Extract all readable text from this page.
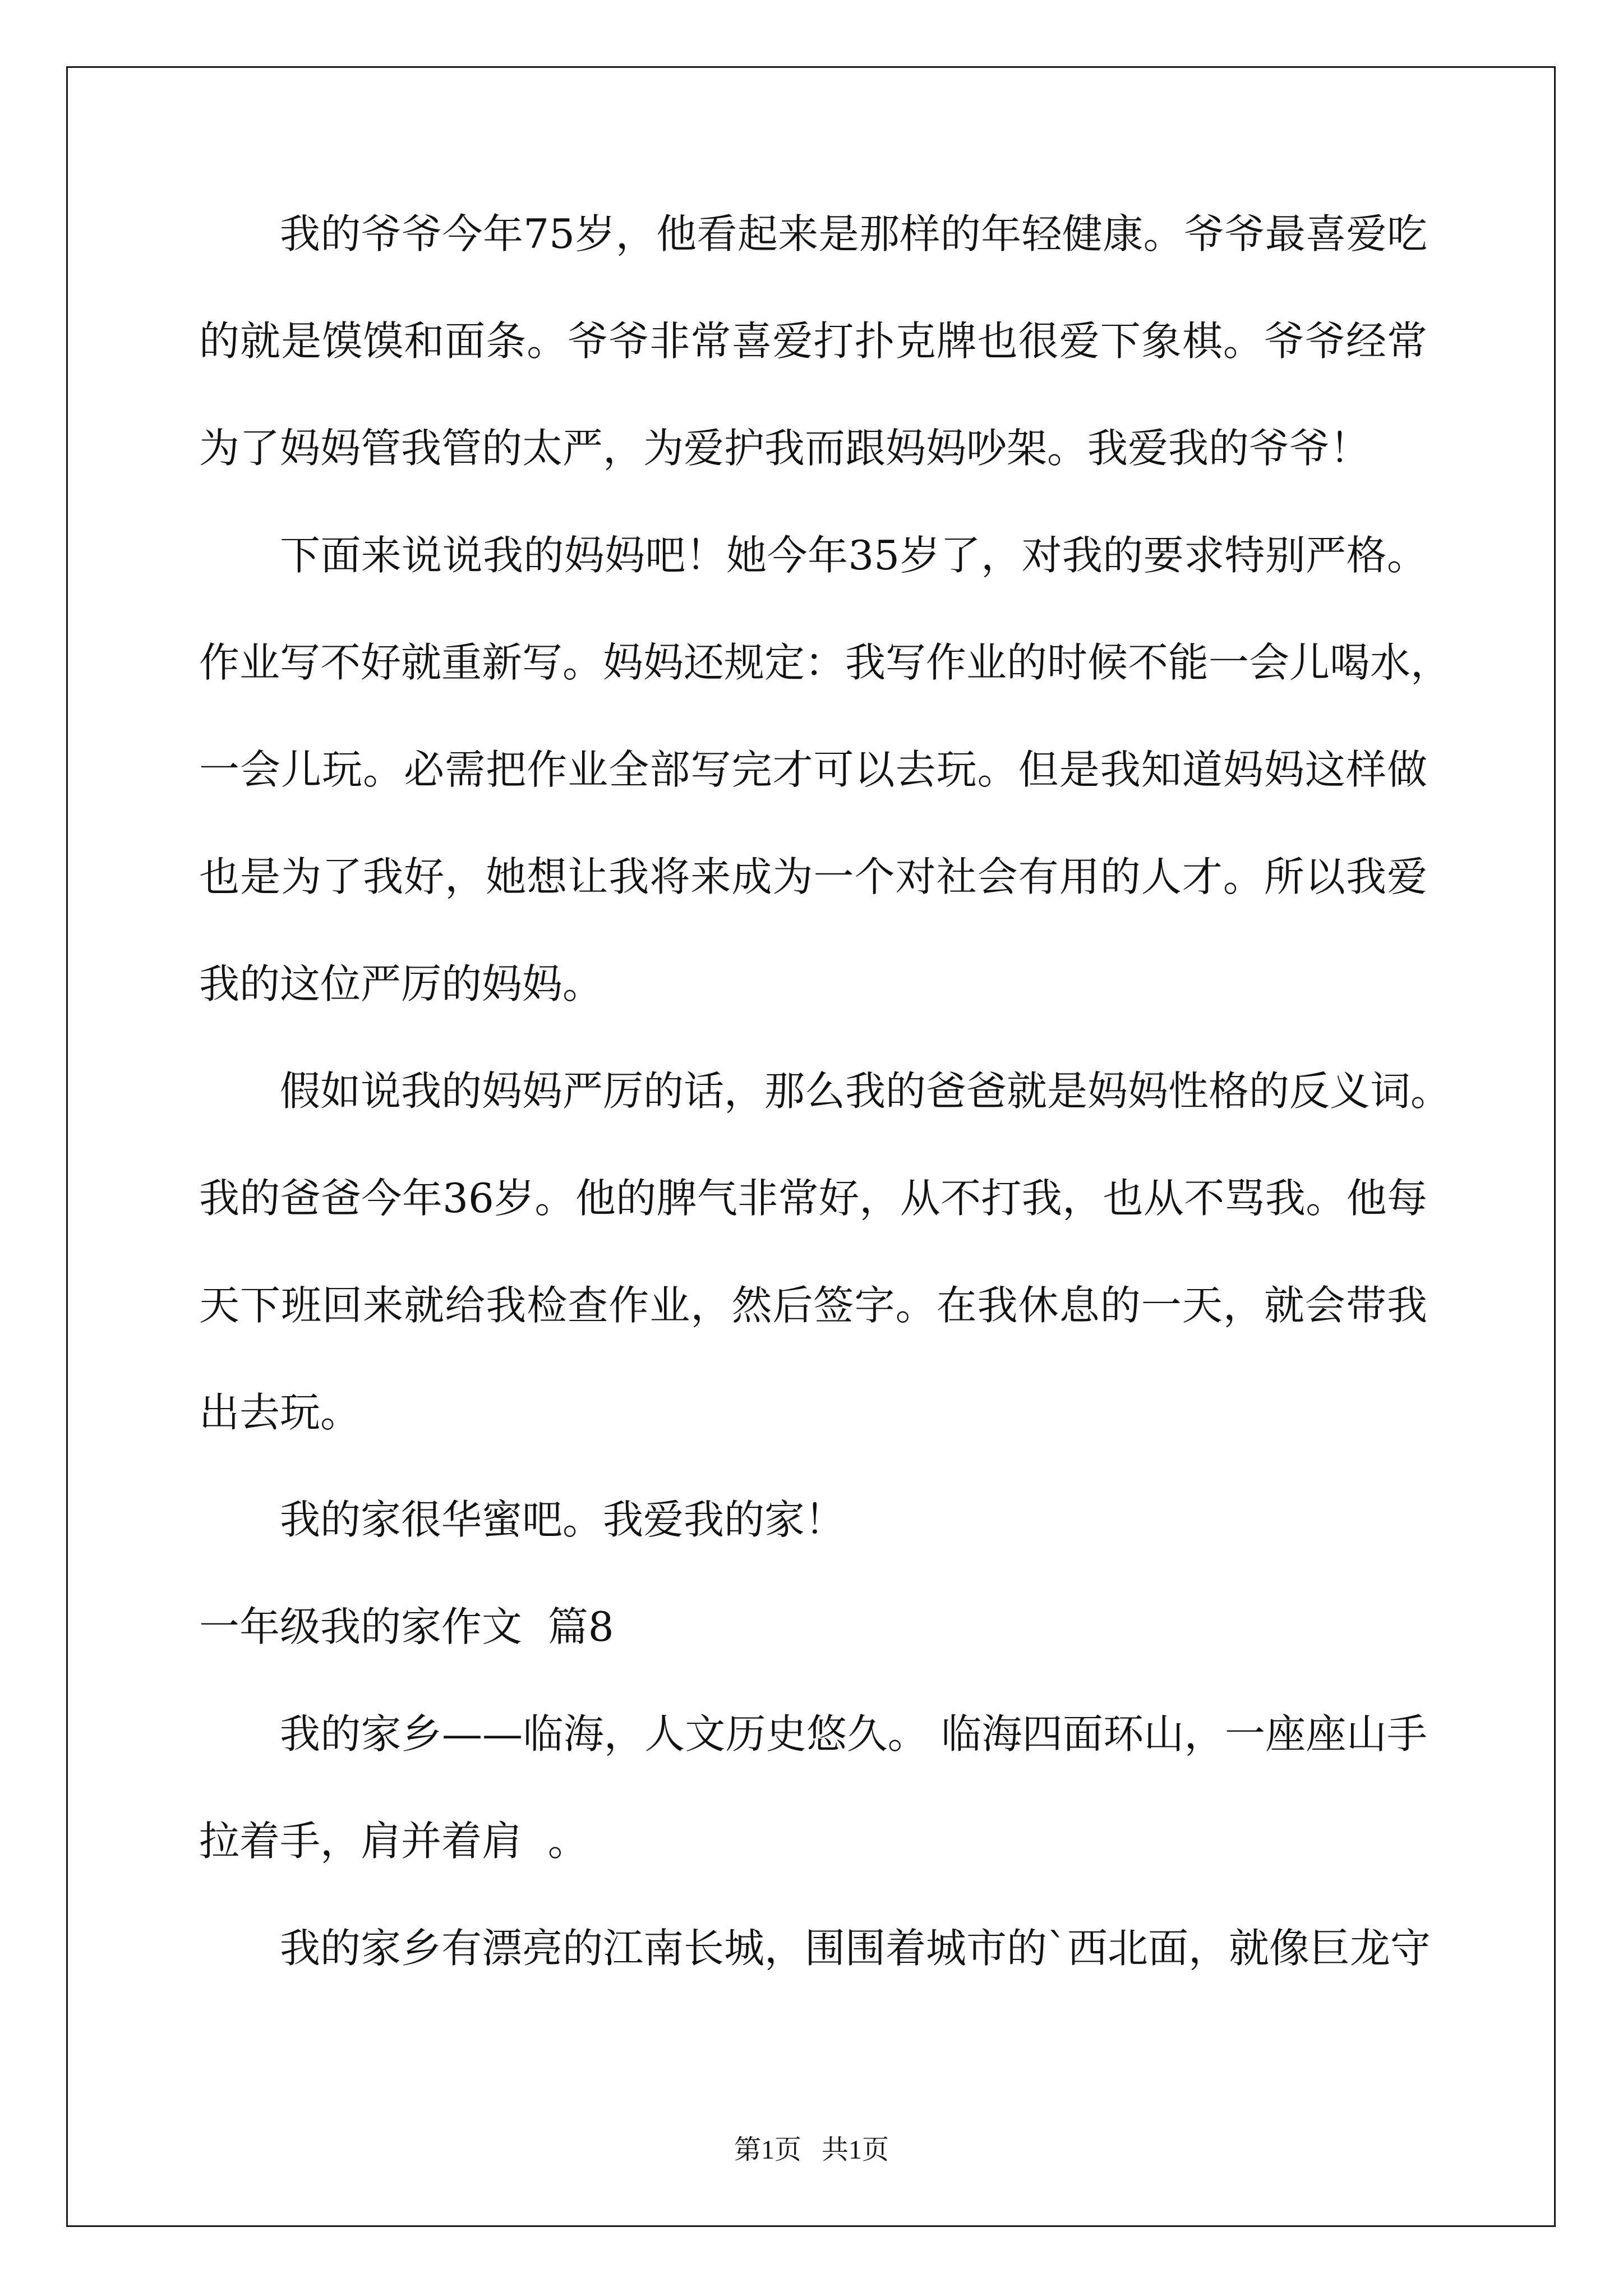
我的爷爷今年75岁，他看起来是那样的年轻健康。爷爷最喜爱吃
的就是馍馍和面条。爷爷非常喜爱打扑克牌也很爱下象棋。爷爷经常
为了妈妈管我管的太严，为爱护我而跟妈妈吵架。我爱我的爷爷！
下面来说说我的妈妈吧！她今年35岁了，对我的要求特别严格。
作业写不好就重新写。妈妈还规定：我写作业的时候不能一会儿喝水，
一会儿玩。必需把作业全部写完才可以去玩。但是我知道妈妈这样做
也是为了我好，她想让我将来成为一个对社会有用的人才。所以我爱
我的这位严厉的妈妈。
假如说我的妈妈严厉的话，那么我的爸爸就是妈妈性格的反义词。
我的爸爸今年36岁。他的脾气非常好，从不打我，也从不骂我。他每
天下班回来就给我检查作业，然后签字。在我休息的一天，就会带我
出去玩。
我的家很华蜜吧。我爱我的家！
一年级我的家作文  篇8
我的家乡——临海，人文历史悠久。 临海四面环山，一座座山手
拉着手，肩并着肩  。
我的家乡有漂亮的江南长城，围围着城市的`西北面，就像巨龙守
第1页   共1页
